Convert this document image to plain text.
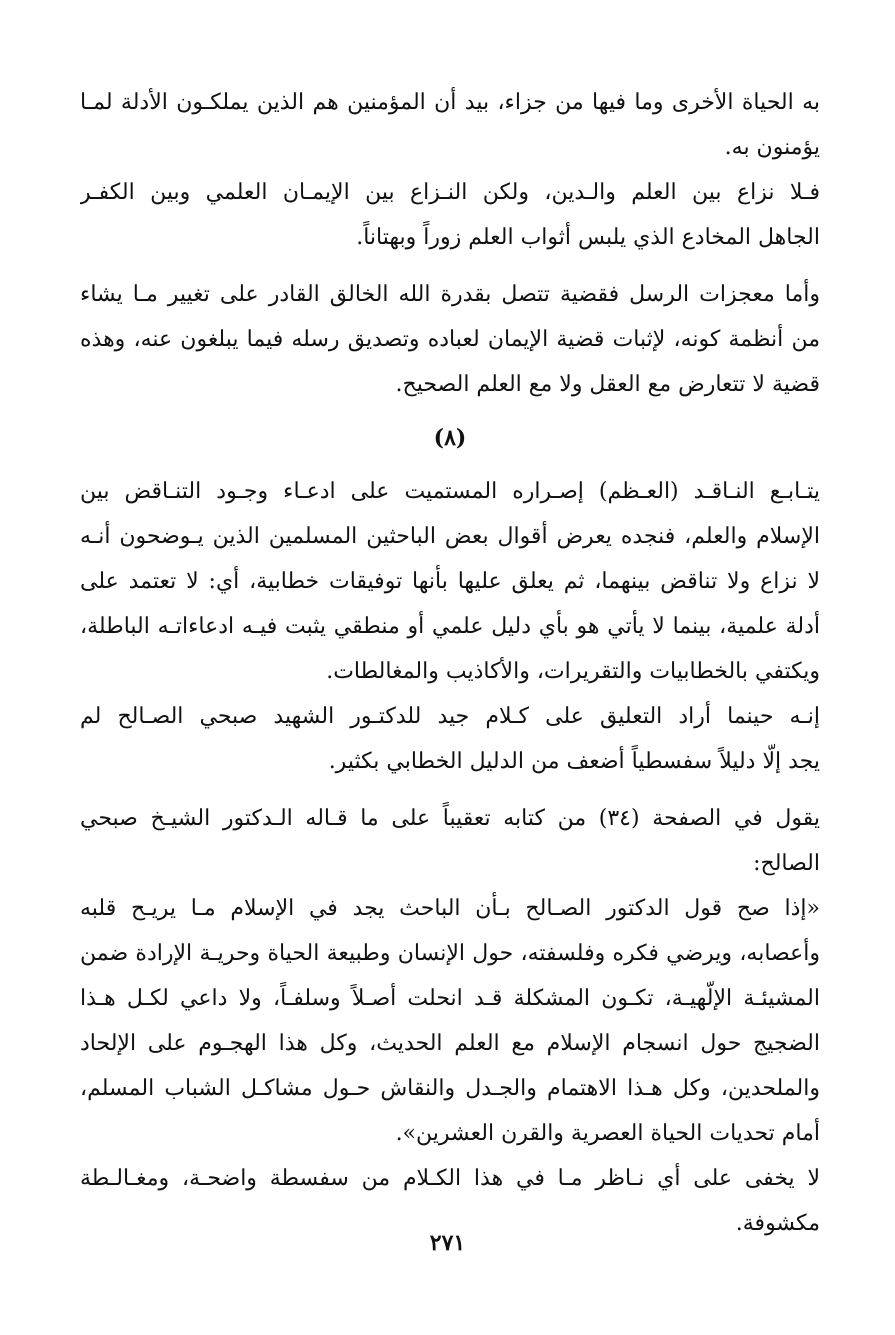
به الحياة الأخرى وما فيها من جزاء، بيد أن المؤمنين هم الذين يملكـون الأدلة لمـا
يؤمنون به.
فـلا نزاع بين العلم والـدين، ولكن النـزاع بين الإيمـان العلمي وبين الكفـر
الجاهل المخادع الذي يلبس أثواب العلم زوراً وبهتاناً.
وأما معجزات الرسل فقضية تتصل بقدرة الله الخالق القادر على تغيير مـا يشاء
من أنظمة كونه، لإثبات قضية الإيمان لعباده وتصديق رسله فيما يبلغون عنه، وهذه
قضية لا تتعارض مع العقل ولا مع العلم الصحيح.
(٨)
يتـابـع النـاقـد (العـظم) إصـراره المستميت على ادعـاء وجـود التنـاقض بين
الإسلام والعلم، فنجده يعرض أقوال بعض الباحثين المسلمين الذين يـوضحون أنـه
لا نزاع ولا تناقض بينهما، ثم يعلق عليها بأنها توفيقات خطابية، أي: لا تعتمد على
أدلة علمية، بينما لا يأتي هو بأي دليل علمي أو منطقي يثبت فيـه ادعاءاتـه الباطلة،
ويكتفي بالخطابيات والتقريرات، والأكاذيب والمغالطات.
إنـه حينما أراد التعليق على كـلام جيد للدكتـور الشهيد صبحي الصـالح لم
يجد إلّا دليلاً سفسطياً أضعف من الدليل الخطابي بكثير.
يقول في الصفحة (٣٤) من كتابه تعقيباً على ما قـاله الـدكتور الشيـخ صبحي
الصالح:
«إذا صح قول الدكتور الصـالح بـأن الباحث يجد في الإسلام مـا يريـح قلبه
وأعصابه، ويرضي فكره وفلسفته، حول الإنسان وطبيعة الحياة وحريـة الإرادة ضمن
المشيئـة الإلّهيـة، تكـون المشكلة قـد انحلت أصـلاً وسلفـاً، ولا داعي لكـل هـذا
الضجيج حول انسجام الإسلام مع العلم الحديث، وكل هذا الهجـوم على الإلحاد
والملحدين، وكل هـذا الاهتمام والجـدل والنقاش حـول مشاكـل الشباب المسلم،
أمام تحديات الحياة العصرية والقرن العشرين».
لا يخفى على أي نـاظر مـا في هذا الكـلام من سفسطة واضحـة، ومغـالـطة
مكشوفة.
٢٧١
